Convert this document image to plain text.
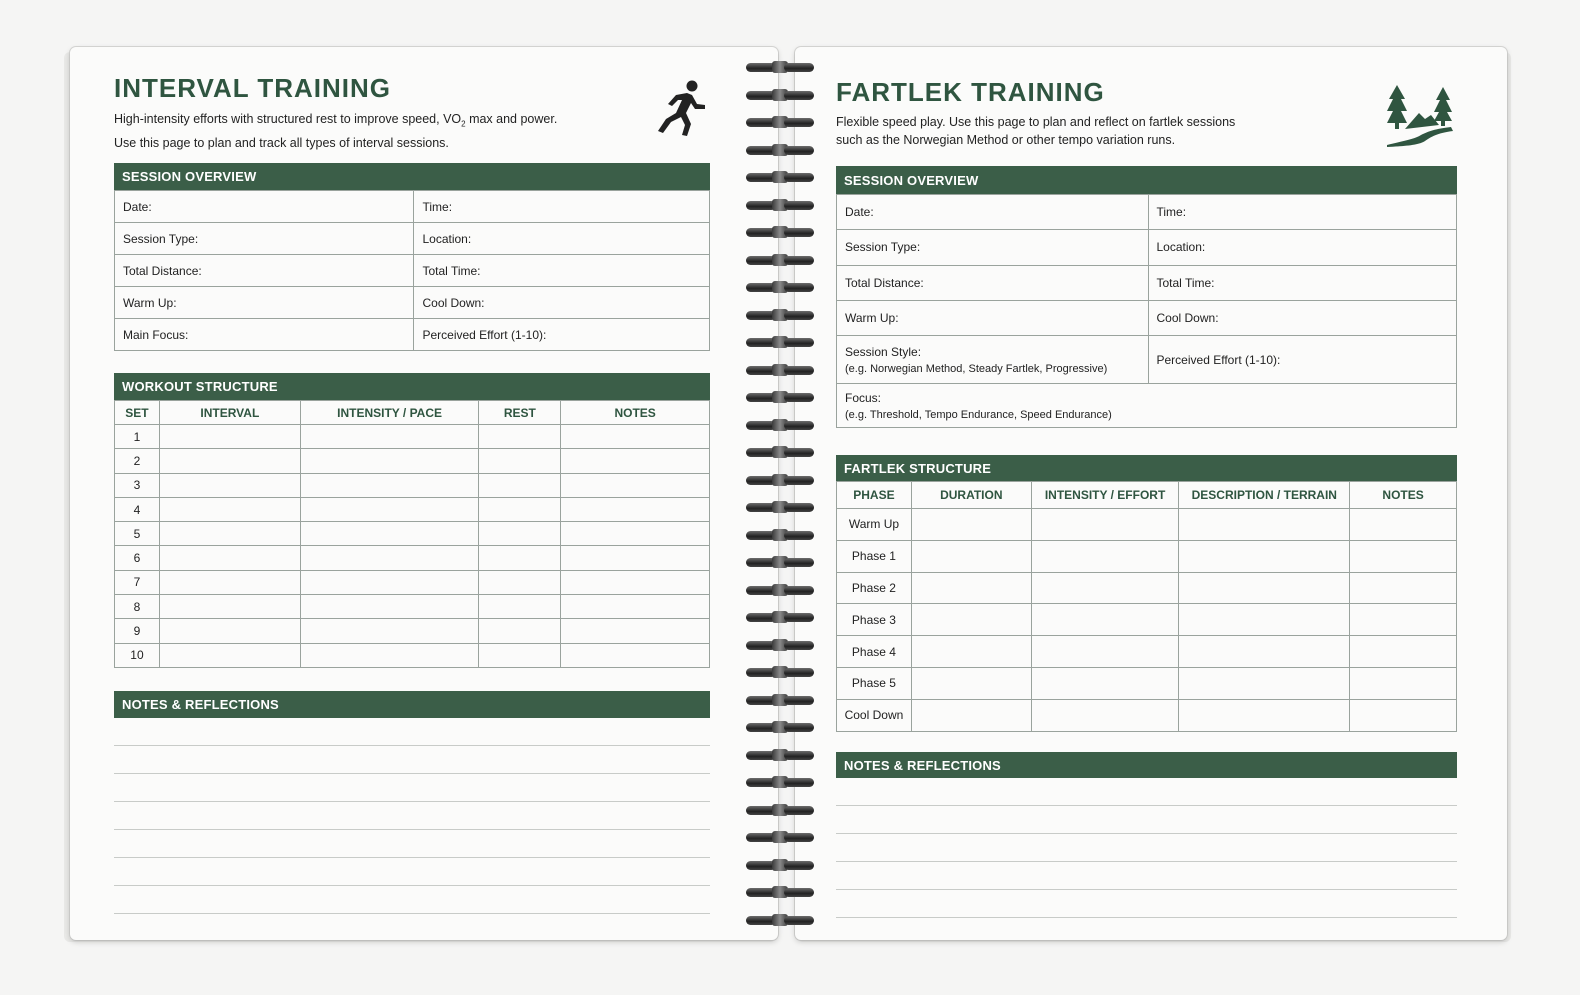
INTERVAL TRAINING
High-intensity efforts with structured rest to improve speed, $VO_2$ max and power.
Use this page to plan and track all types of interval sessions.
SESSION OVERVIEW
Date:	Time:
Session Type:	Location:
Total Distance:	Total Time:
Warm Up:	Cool Down:
Main Focus:	Perceived Effort (1-10):
WORKOUT STRUCTURE
SET	INTERVAL	INTENSITY / PACE	REST	NOTES
1				
2				
3				
4				
5				
6				
7				
8				
9				
10				
NOTES & REFLECTIONS
FARTLEK TRAINING
Flexible speed play. Use this page to plan and reflect on fartlek sessions
such as the Norwegian Method or other tempo variation runs.
SESSION OVERVIEW
Date:	Time:
Session Type:	Location:
Total Distance:	Total Time:
Warm Up:	Cool Down:
Session Style:
(e.g. Norwegian Method, Steady Fartlek, Progressive)	Perceived Effort (1-10):
Focus:
(e.g. Threshold, Tempo Endurance, Speed Endurance)	
FARTLEK STRUCTURE
PHASE	DURATION	INTENSITY / EFFORT	DESCRIPTION / TERRAIN	NOTES
Warm Up				
Phase 1				
Phase 2				
Phase 3				
Phase 4				
Phase 5				
Cool Down				
NOTES & REFLECTIONS
